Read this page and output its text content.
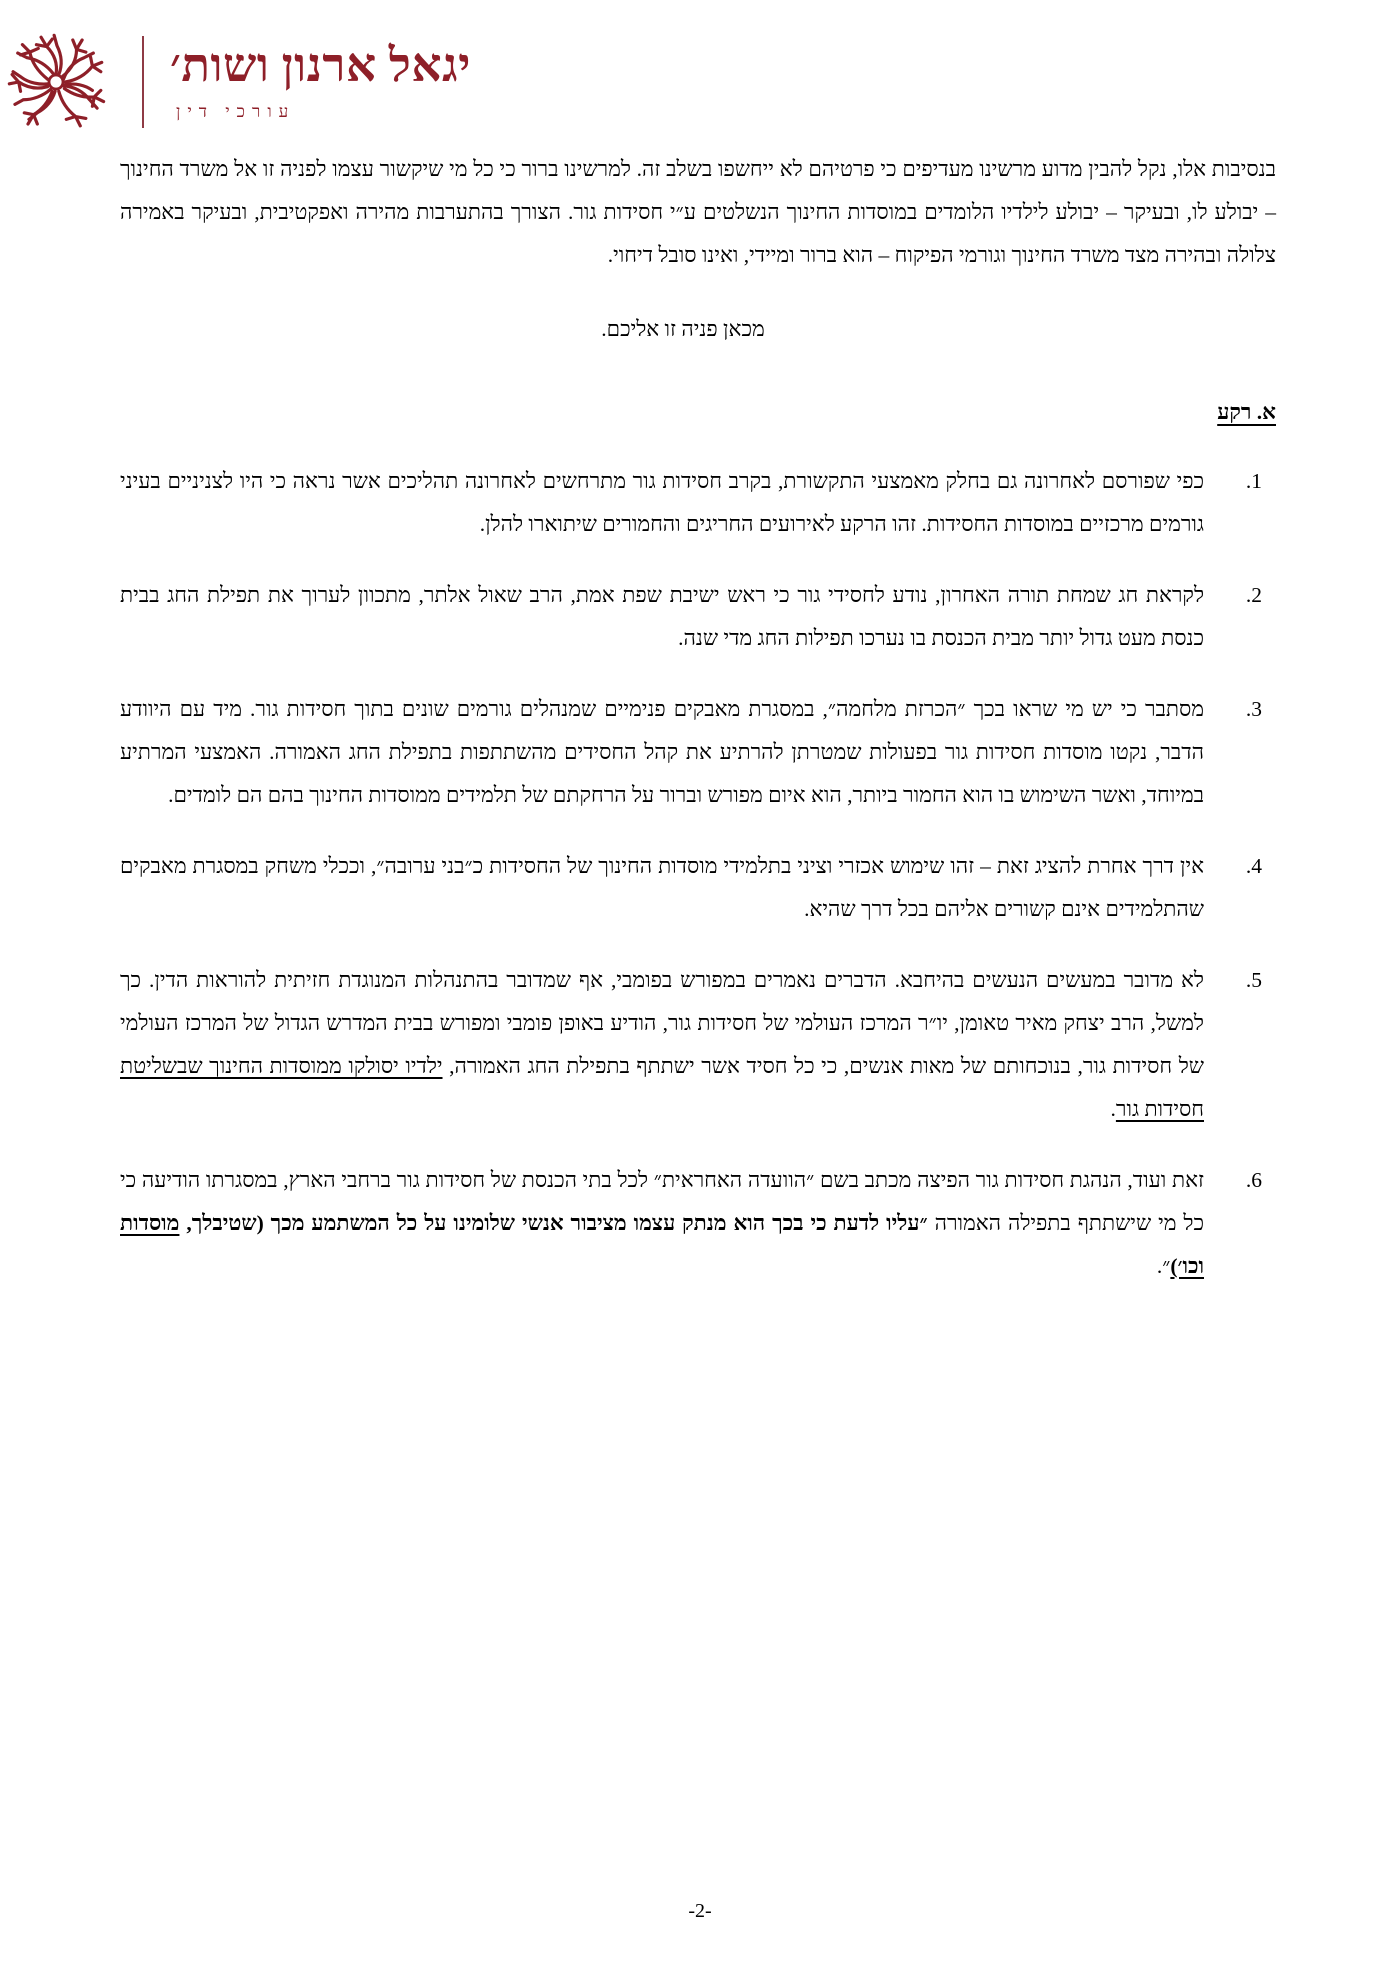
יגאל ארנון ושות׳
עורכי דין

בנסיבות אלו, נקל להבין מדוע מרשינו מעדיפים כי פרטיהם לא ייחשפו בשלב זה. למרשינו ברור כי כל מי שיקשור עצמו לפניה זו אל משרד החינוך – יבולע לו, ובעיקר – יבולע לילדיו הלומדים במוסדות החינוך הנשלטים ע״י חסידות גור. הצורך בהתערבות מהירה ואפקטיבית, ובעיקר באמירה צלולה ובהירה מצד משרד החינוך וגורמי הפיקוח – הוא ברור ומיידי, ואינו סובל דיחוי.

מכאן פניה זו אליכם.

א. רקע

.1
כפי שפורסם לאחרונה גם בחלק מאמצעי התקשורת, בקרב חסידות גור מתרחשים לאחרונה תהליכים אשר נראה כי היו לצניניים בעיני גורמים מרכזיים במוסדות החסידות. זהו הרקע לאירועים החריגים והחמורים שיתוארו להלן.
.2
לקראת חג שמחת תורה האחרון, נודע לחסידי גור כי ראש ישיבת שפת אמת, הרב שאול אלתר, מתכוון לערוך את תפילת החג בבית כנסת מעט גדול יותר מבית הכנסת בו נערכו תפילות החג מדי שנה.
.3
מסתבר כי יש מי שראו בכך ״הכרזת מלחמה״, במסגרת מאבקים פנימיים שמנהלים גורמים שונים בתוך חסידות גור. מיד עם היוודע הדבר, נקטו מוסדות חסידות גור בפעולות שמטרתן להרתיע את קהל החסידים מהשתתפות בתפילת החג האמורה. האמצעי המרתיע במיוחד, ואשר השימוש בו הוא החמור ביותר, הוא איום מפורש וברור על הרחקתם של תלמידים ממוסדות החינוך בהם הם לומדים.
.4
אין דרך אחרת להציג זאת – זהו שימוש אכזרי וציני בתלמידי מוסדות החינוך של החסידות כ״בני ערובה״, וככלי משחק במסגרת מאבקים שהתלמידים אינם קשורים אליהם בכל דרך שהיא.
.5
לא מדובר במעשים הנעשים בהיחבא. הדברים נאמרים במפורש בפומבי, אף שמדובר בהתנהלות המנוגדת חזיתית להוראות הדין. כך למשל, הרב יצחק מאיר טאומן, יו״ר המרכז העולמי של חסידות גור, הודיע באופן פומבי ומפורש בבית המדרש הגדול של המרכז העולמי של חסידות גור, בנוכחותם של מאות אנשים, כי כל חסיד אשר ישתתף בתפילת החג האמורה, ילדיו יסולקו ממוסדות החינוך שבשליטת חסידות גור.
.6
זאת ועוד, הנהגת חסידות גור הפיצה מכתב בשם ״הוועדה האחראית״ לכל בתי הכנסת של חסידות גור ברחבי הארץ, במסגרתו הודיעה כי כל מי שישתתף בתפילה האמורה ״עליו לדעת כי בכך הוא מנתק עצמו מציבור אנשי שלומינו על כל המשתמע מכך (שטיבלך, מוסדות וכו׳)״.
-2-
